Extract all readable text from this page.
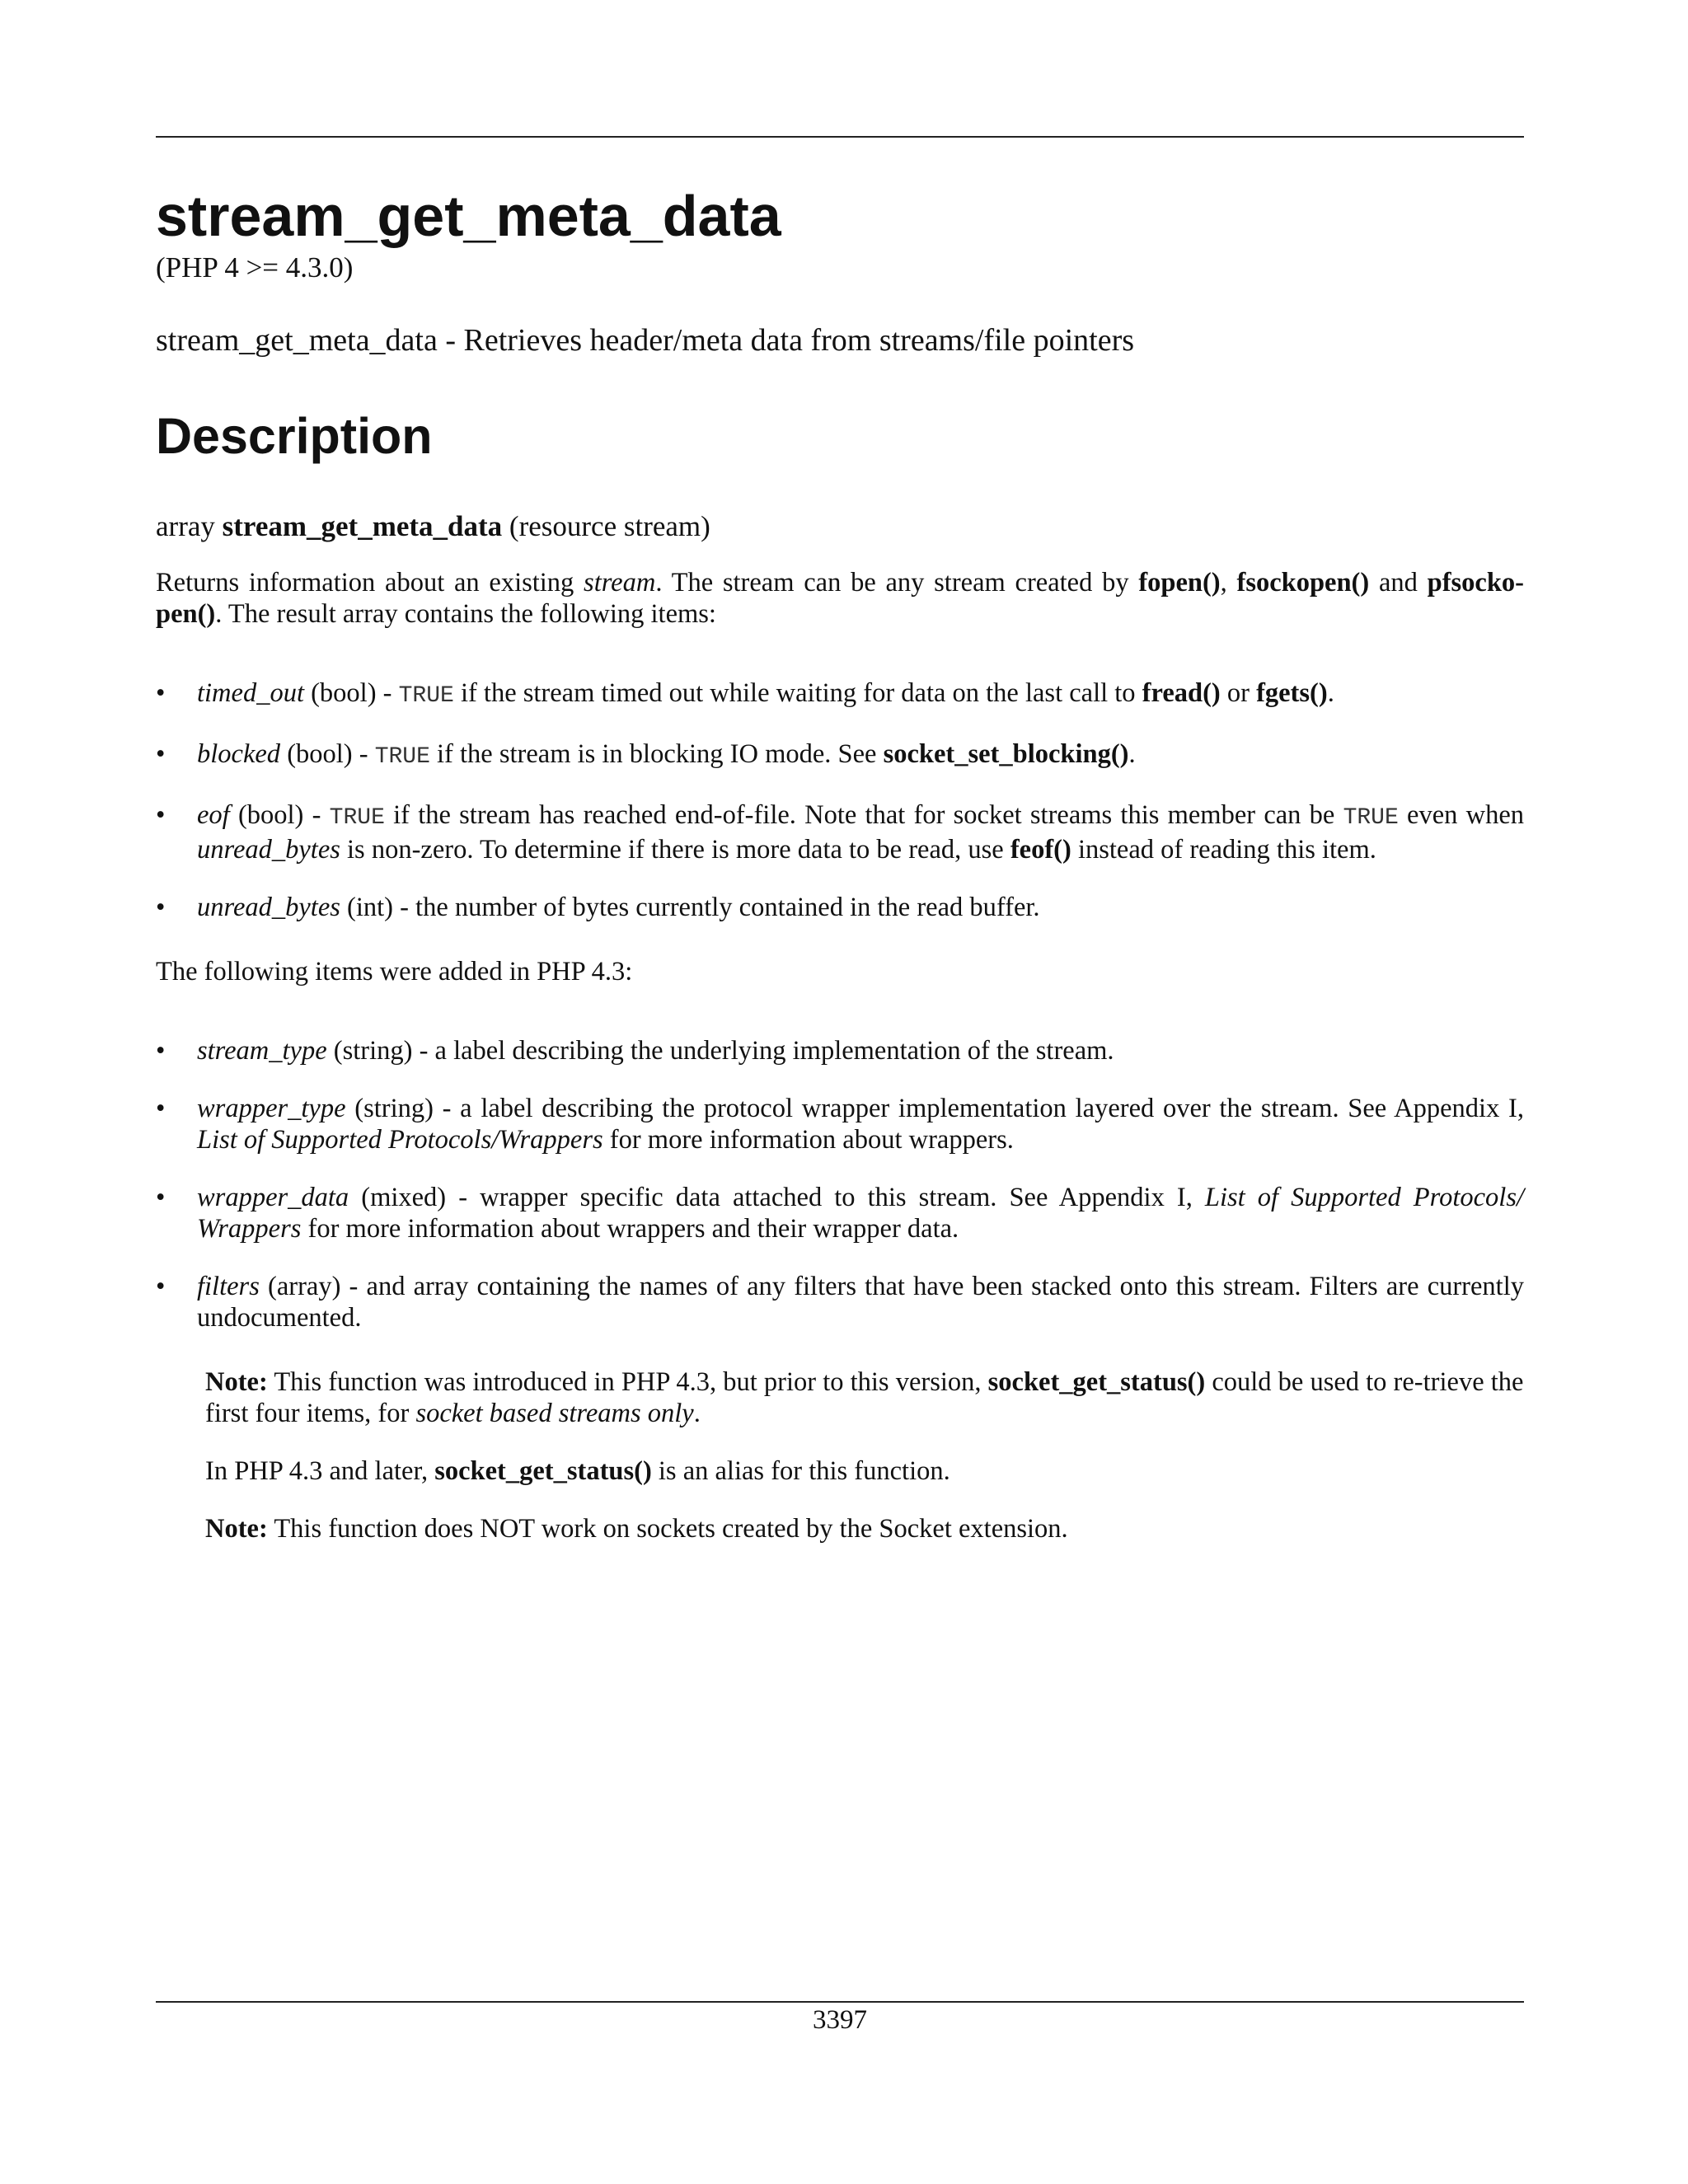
stream_get_meta_data
(PHP 4 >= 4.3.0)
stream_get_meta_data - Retrieves header/meta data from streams/file pointers
Description
array stream_get_meta_data (resource stream)

Returns information about an existing stream. The stream can be any stream created by fopen(), fsockopen() and pfsocko-pen(). The result array contains the following items:

• timed_out (bool) - TRUE if the stream timed out while waiting for data on the last call to fread() or fgets().
• blocked (bool) - TRUE if the stream is in blocking IO mode. See socket_set_blocking().
• eof (bool) - TRUE if the stream has reached end-of-file. Note that for socket streams this member can be TRUE even when unread_bytes is non-zero. To determine if there is more data to be read, use feof() instead of reading this item.
• unread_bytes (int) - the number of bytes currently contained in the read buffer.

The following items were added in PHP 4.3:

• stream_type (string) - a label describing the underlying implementation of the stream.
• wrapper_type (string) - a label describing the protocol wrapper implementation layered over the stream. See Appendix I, List of Supported Protocols/Wrappers for more information about wrappers.
• wrapper_data (mixed) - wrapper specific data attached to this stream. See Appendix I, List of Supported Protocols/ Wrappers for more information about wrappers and their wrapper data.
• filters (array) - and array containing the names of any filters that have been stacked onto this stream. Filters are currently undocumented.

Note: This function was introduced in PHP 4.3, but prior to this version, socket_get_status() could be used to re-trieve the first four items, for socket based streams only.

In PHP 4.3 and later, socket_get_status() is an alias for this function.

Note: This function does NOT work on sockets created by the Socket extension.

3397
